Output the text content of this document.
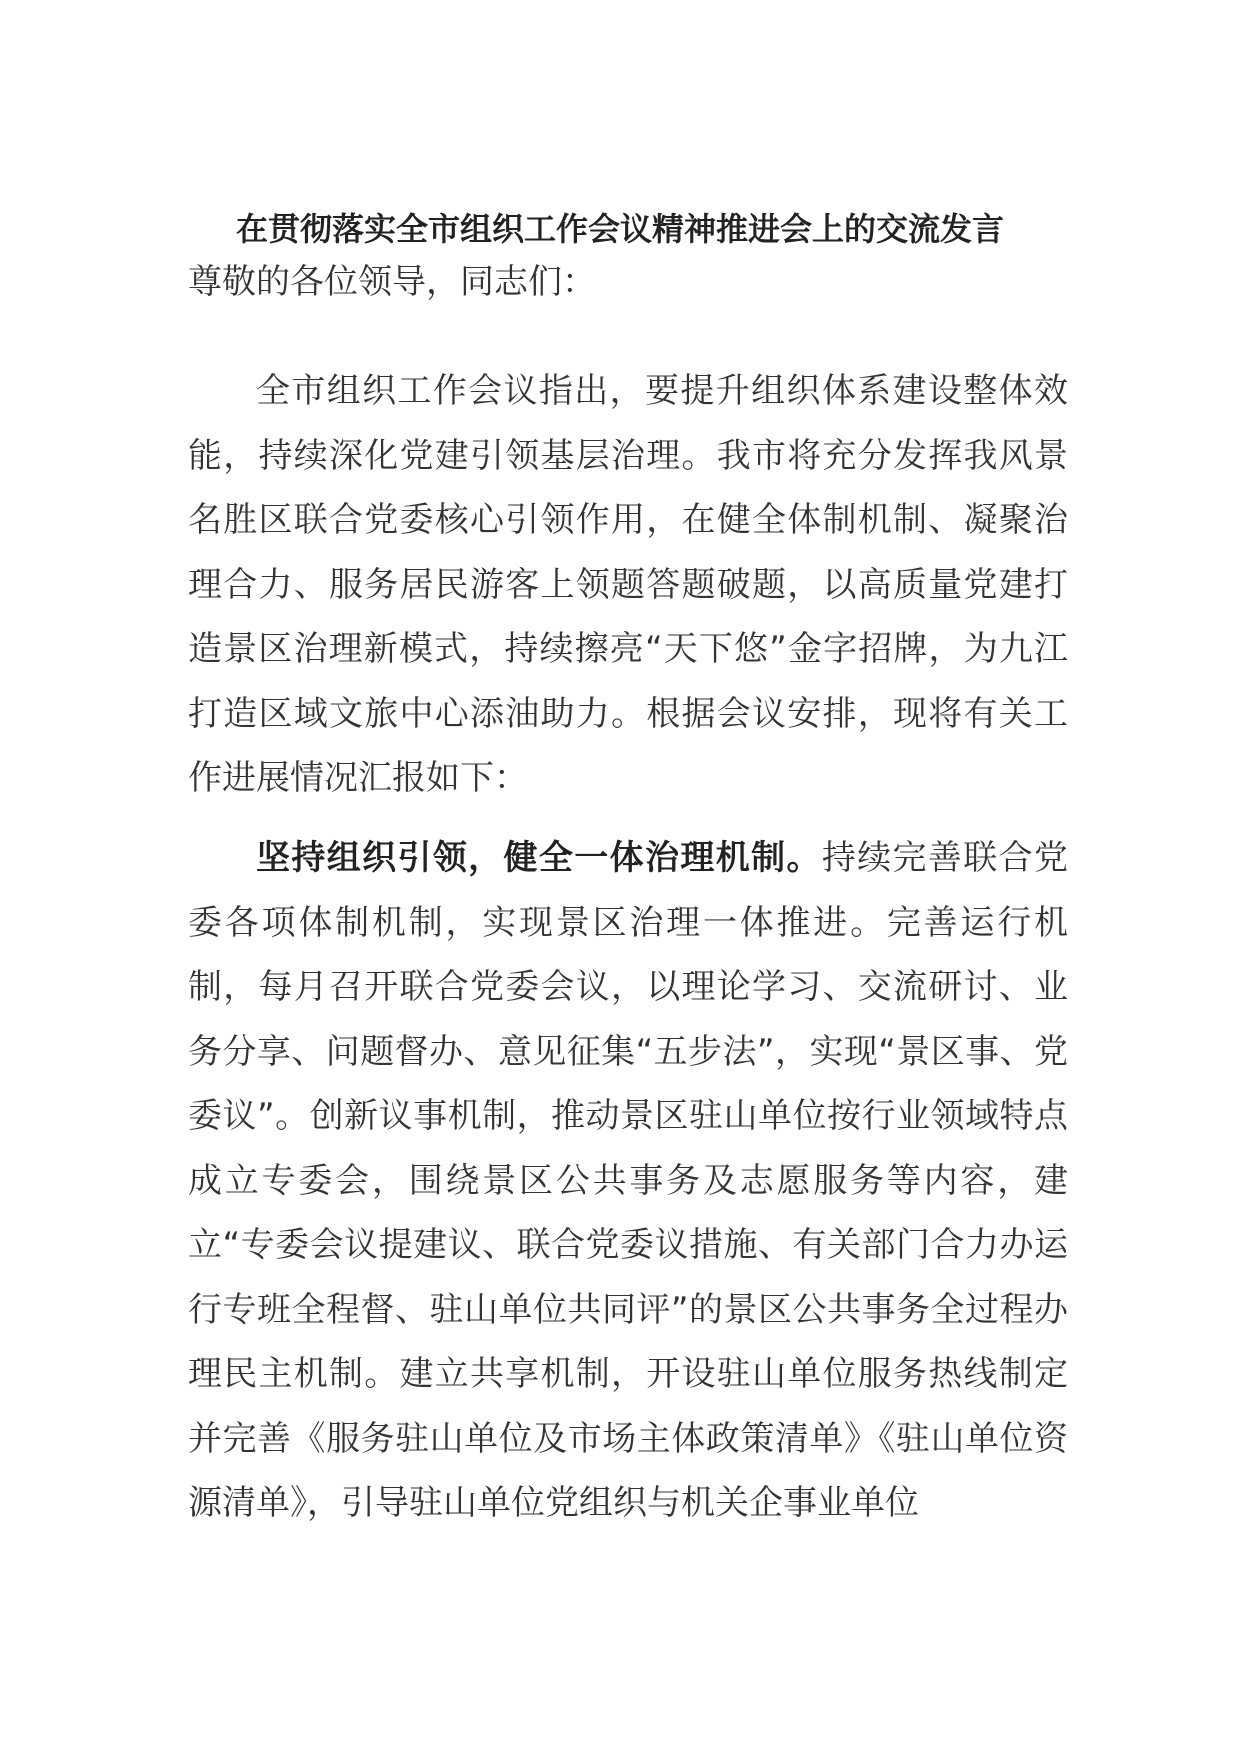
在贯彻落实全市组织工作会议精神推进会上的交流发言
尊敬的各位领导，同志们：
全市组织工作会议指出，要提升组织体系建设整体效能，持续深化党建引领基层治理。我市将充分发挥我风景名胜区联合党委核心引领作用，在健全体制机制、凝聚治理合力、服务居民游客上领题答题破题，以高质量党建打造景区治理新模式，持续擦亮“天下悠”金字招牌，为九江打造区域文旅中心添油助力。根据会议安排，现将有关工作进展情况汇报如下：
坚持组织引领，健全一体治理机制。持续完善联合党委各项体制机制，实现景区治理一体推进。完善运行机制，每月召开联合党委会议，以理论学习、交流研讨、业务分享、问题督办、意见征集“五步法”，实现“景区事、党委议”。创新议事机制，推动景区驻山单位按行业领域特点成立专委会，围绕景区公共事务及志愿服务等内容，建立“专委会议提建议、联合党委议措施、有关部门合力办运行专班全程督、驻山单位共同评”的景区公共事务全过程办理民主机制。建立共享机制，开设驻山单位服务热线制定并完善《服务驻山单位及市场主体政策清单》《驻山单位资源清单》，引导驻山单位党组织与机关企事业单位
